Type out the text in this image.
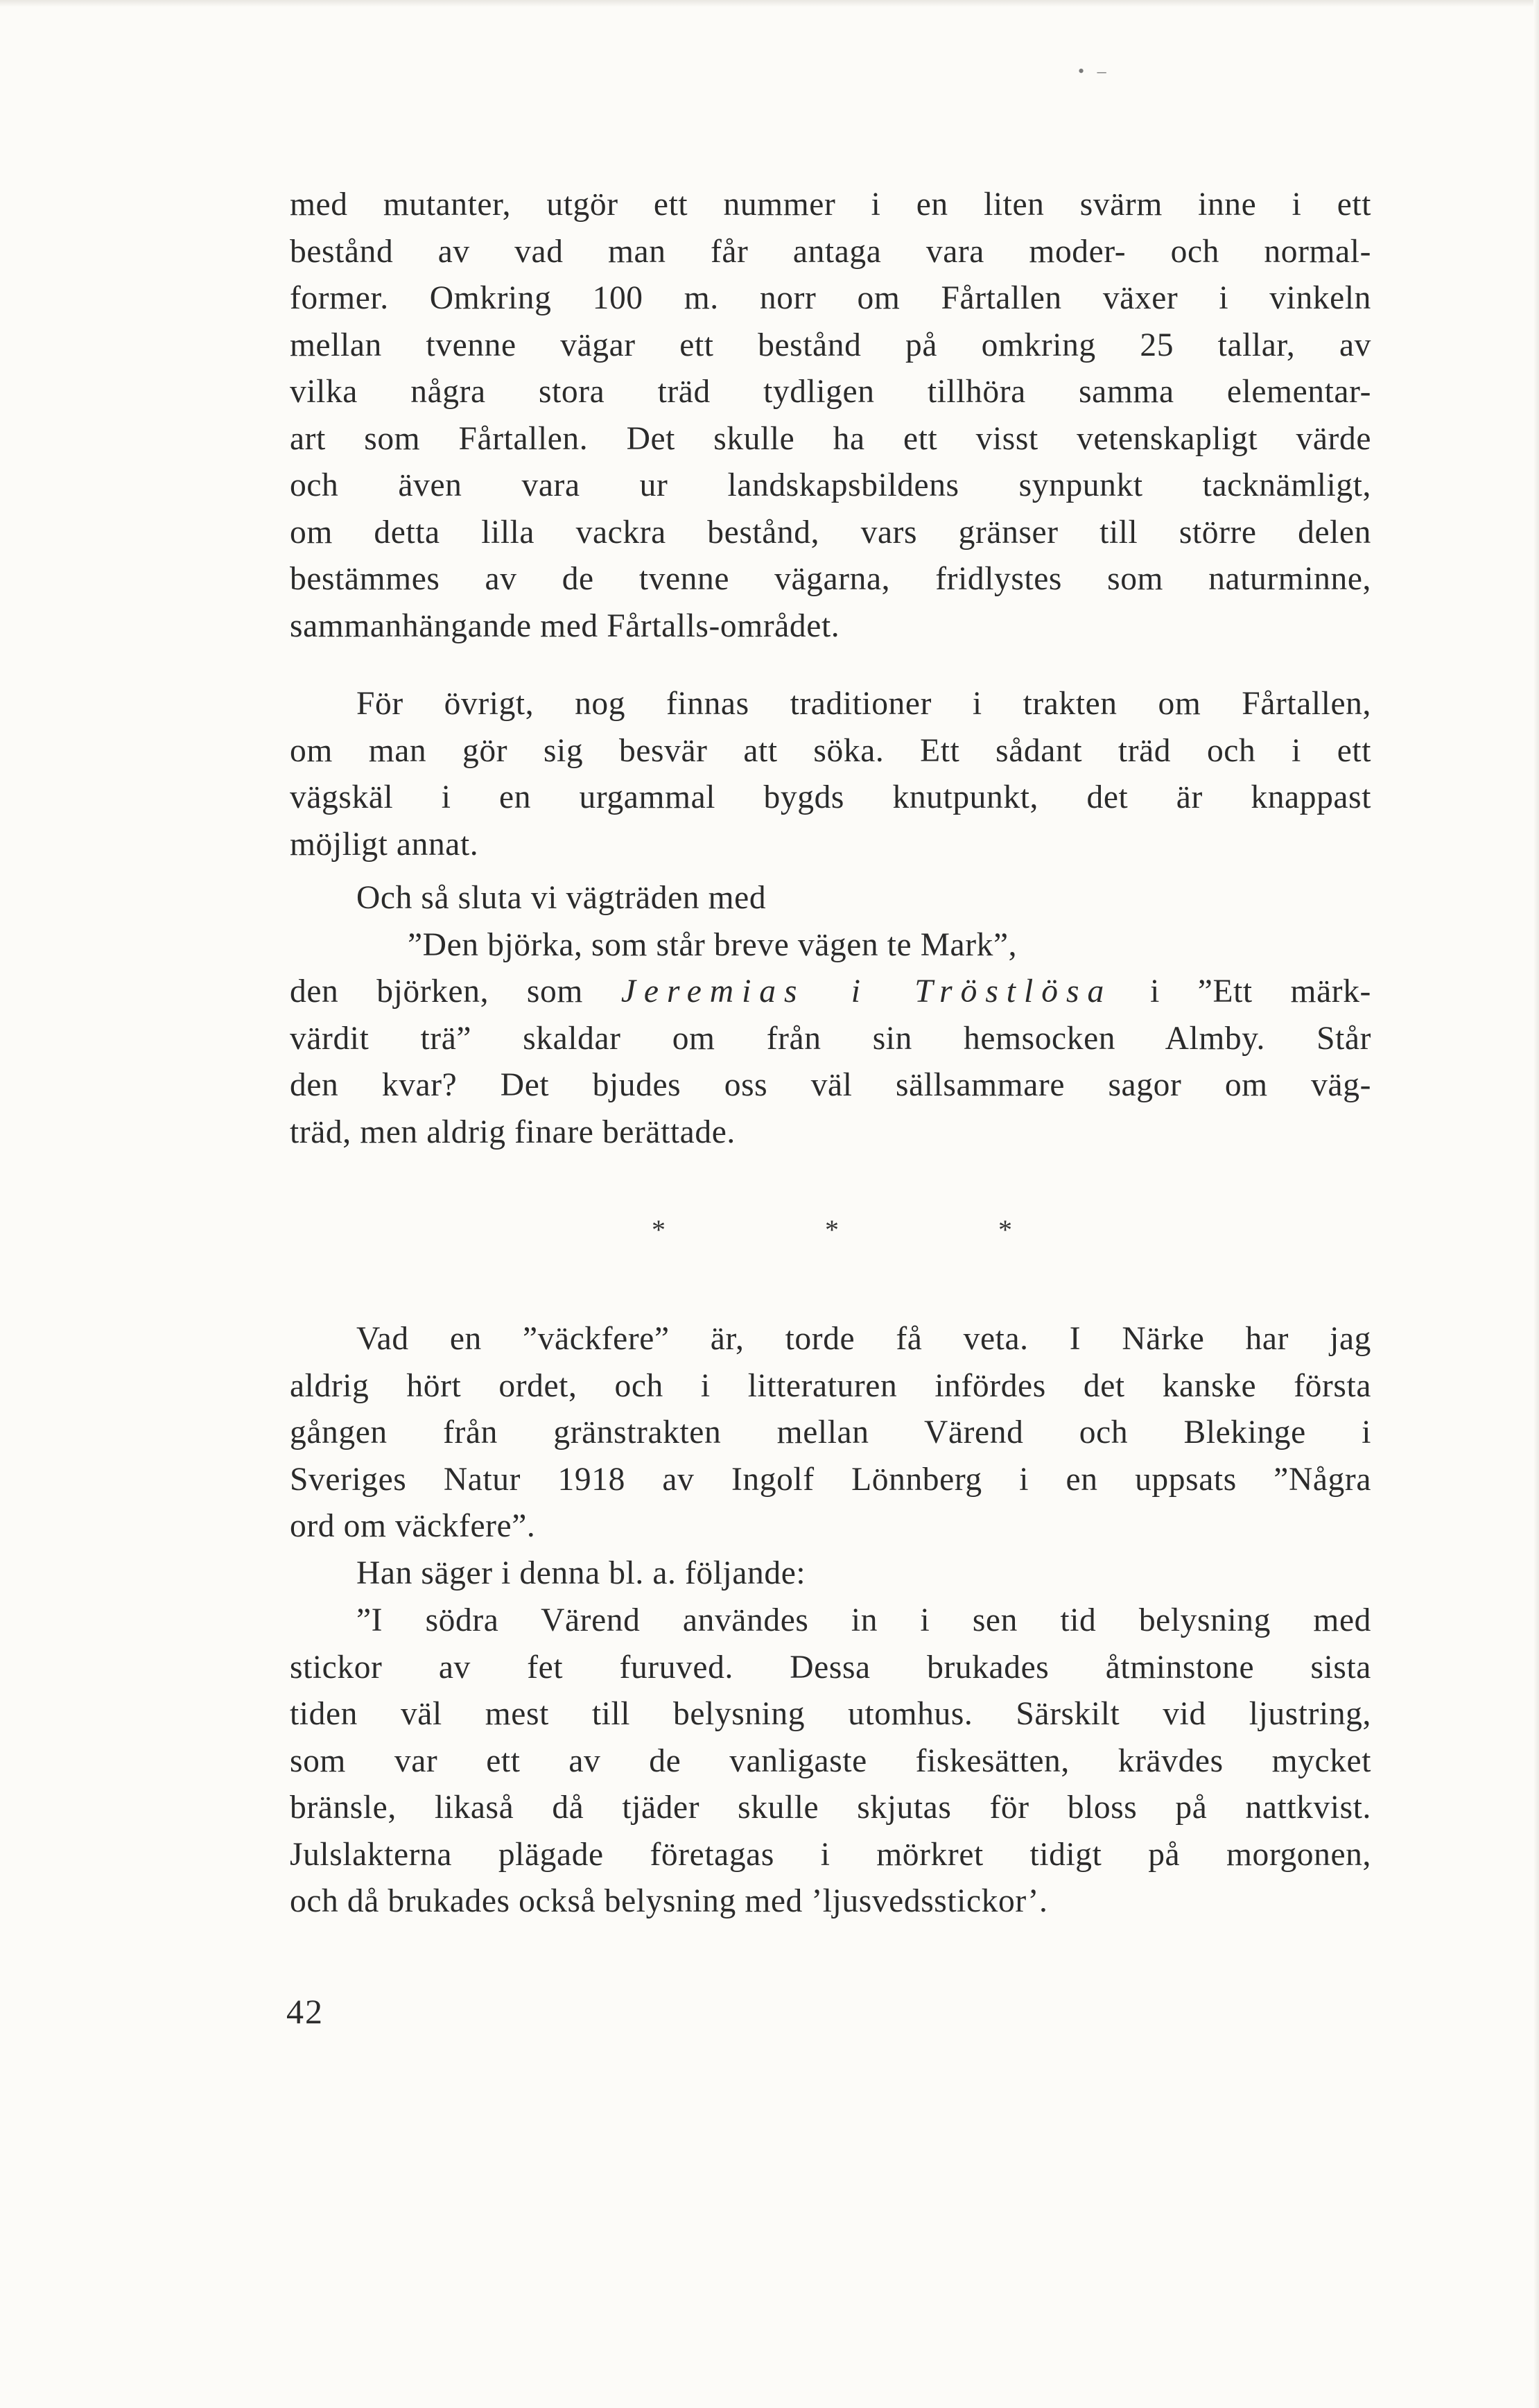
• –
med mutanter, utgör ett nummer i en liten svärm inne i ett
bestånd av vad man får antaga vara moder- och normal-
former. Omkring 100 m. norr om Fårtallen växer i vinkeln
mellan tvenne vägar ett bestånd på omkring 25 tallar, av
vilka några stora träd tydligen tillhöra samma elementar-
art som Fårtallen. Det skulle ha ett visst vetenskapligt värde
och även vara ur landskapsbildens synpunkt tacknämligt,
om detta lilla vackra bestånd, vars gränser till större delen
bestämmes av de tvenne vägarna, fridlystes som naturminne,
sammanhängande med Fårtalls-området.
För övrigt, nog finnas traditioner i trakten om Fårtallen,
om man gör sig besvär att söka. Ett sådant träd och i ett
vägskäl i en urgammal bygds knutpunkt, det är knappast
möjligt annat.
Och så sluta vi vägträden med
”Den björka, som står breve vägen te Mark”,
den björken, som Jeremias i Tröstlösa i ”Ett märk-
värdit trä” skaldar om från sin hemsocken Almby. Står
den kvar? Det bjudes oss väl sällsammare sagor om väg-
träd, men aldrig finare berättade.
*	*	*
Vad en ”väckfere” är, torde få veta. I Närke har jag
aldrig hört ordet, och i litteraturen infördes det kanske första
gången från gränstrakten mellan Värend och Blekinge i
Sveriges Natur 1918 av Ingolf Lönnberg i en uppsats ”Några
ord om väckfere”.
Han säger i denna bl. a. följande:
”I södra Värend användes in i sen tid belysning med
stickor av fet furuved. Dessa brukades åtminstone sista
tiden väl mest till belysning utomhus. Särskilt vid ljustring,
som var ett av de vanligaste fiskesätten, krävdes mycket
bränsle, likaså då tjäder skulle skjutas för bloss på nattkvist.
Julslakterna plägade företagas i mörkret tidigt på morgonen,
och då brukades också belysning med ’ljusvedsstickor’.
42
